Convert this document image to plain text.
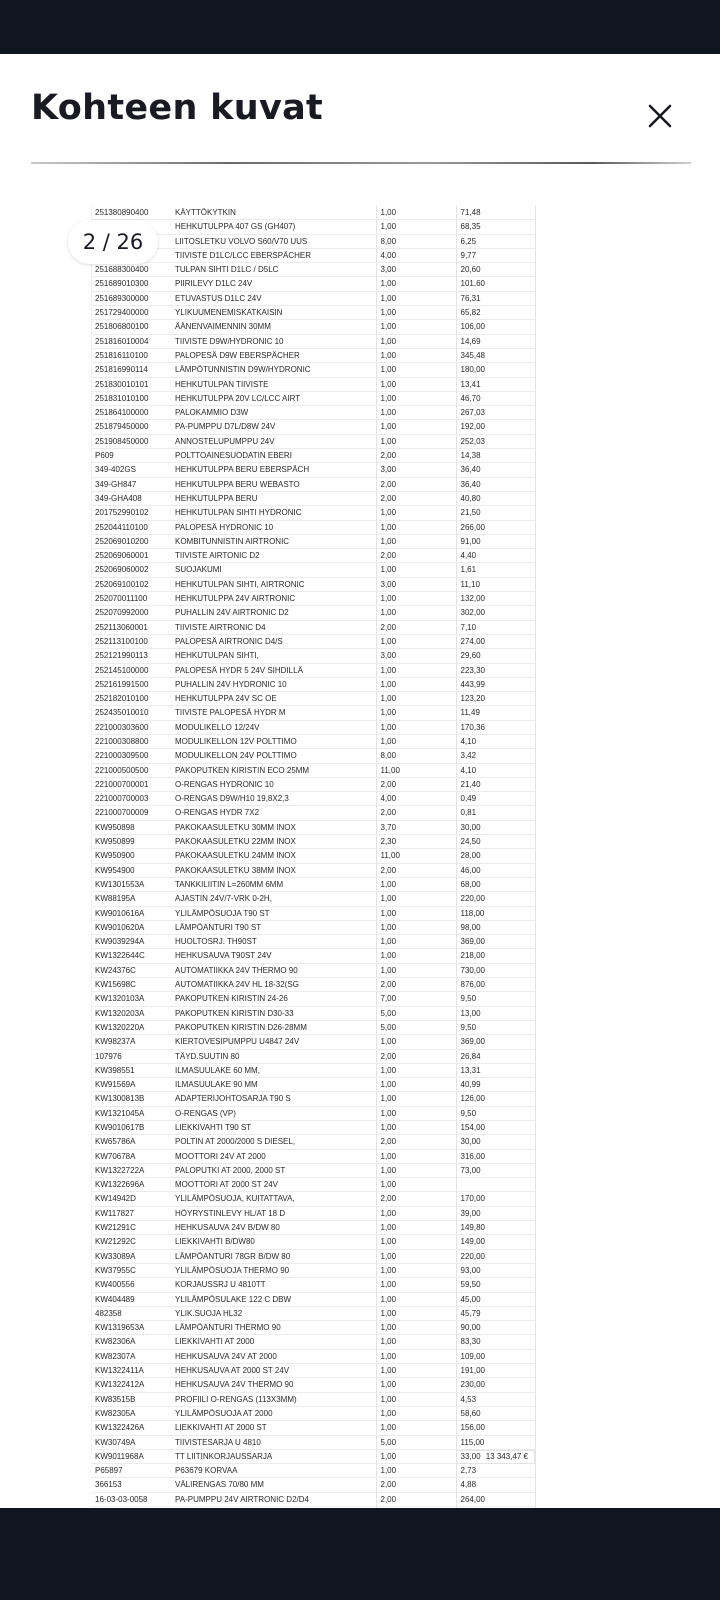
Kohteen kuvat
251380890400	KÄYTTÖKYTKIN	1,00	71,48
	HEHKUTULPPA 407 GS (GH407)	1,00	68,35
	LIITOSLETKU VOLVO S60/V70 UUS	8,00	6,25
	TIIVISTE D1LC/LCC EBERSPÄCHER	4,00	9,77
251688300400	TULPAN SIHTI D1LC / D5LC	3,00	20,60
251689010300	PIIRILEVY D1LC 24V	1,00	101,60
251689300000	ETUVASTUS D1LC 24V	1,00	76,31
251729400000	YLIKUUMENEMISKATKAISIN	1,00	65,82
251806800100	ÄÄNENVAIMENNIN 30MM	1,00	106,00
251816010004	TIIVISTE D9W/HYDRONIC 10	1,00	14,69
251816110100	PALOPESÄ D9W EBERSPÄCHER	1,00	345,48
251816990114	LÄMPÖTUNNISTIN D9W/HYDRONIC	1,00	180,00
251830010101	HEHKUTULPAN TIIVISTE	1,00	13,41
251831010100	HEHKUTULPPA 20V LC/LCC AIRT	1,00	46,70
251864100000	PALOKAMMIO D3W	1,00	267,03
251879450000	PA-PUMPPU D7L/D8W 24V	1,00	192,00
251908450000	ANNOSTELUPUMPPU 24V	1,00	252,03
P609	POLTTOAINESUODATIN EBERI	2,00	14,38
349-402GS	HEHKUTULPPA BERU EBERSPÄCH	3,00	36,40
349-GH847	HEHKUTULPPA BERU WEBASTO	2,00	36,40
349-GHA408	HEHKUTULPPA BERU	2,00	40,80
201752990102	HEHKUTULPAN SIHTI HYDRONIC	1,00	21,50
252044110100	PALOPESÄ HYDRONIC 10	1,00	266,00
252069010200	KOMBITUNNISTIN AIRTRONIC	1,00	91,00
252069060001	TIIVISTE AIRTONIC D2	2,00	4,40
252069060002	SUOJAKUMI	1,00	1,61
252069100102	HEHKUTULPAN SIHTI, AIRTRONIC	3,00	11,10
252070011100	HEHKUTULPPA 24V AIRTRONIC	1,00	132,00
252070992000	PUHALLIN 24V AIRTRONIC D2	1,00	302,00
252113060001	TIIVISTE AIRTRONIC D4	2,00	7,10
252113100100	PALOPESÄ AIRTRONIC D4/S	1,00	274,00
252121990113	HEHKUTULPAN SIHTI,	3,00	29,60
252145100000	PALOPESÄ HYDR 5 24V SIHDILLÄ	1,00	223,30
252161991500	PUHALLIN 24V HYDRONIC 10	1,00	443,99
252182010100	HEHKUTULPPA 24V SC OE	1,00	123,20
252435010010	TIIVISTE PALOPESÄ HYDR M	1,00	11,49
221000303600	MODULIKELLO 12/24V	1,00	170,36
221000308800	MODULIKELLON 12V POLTTIMO	1,00	4,10
221000309500	MODULIKELLON 24V POLTTIMO	8,00	3,42
221000500500	PAKOPUTKEN KIRISTIN ECO 25MM	11,00	4,10
221000700001	O-RENGAS HYDRONIC 10	2,00	21,40
221000700003	O-RENGAS D9W/H10 19,8X2,3	4,00	0,49
221000700009	O-RENGAS HYDR 7X2	2,00	0,81
KW950898	PAKOKAASULETKU 30MM INOX	3,70	30,00
KW950899	PAKOKAASULETKU 22MM INOX	2,30	24,50
KW950900	PAKOKAASULETKU 24MM INOX	11,00	28,00
KW954900	PAKOKAASULETKU 38MM INOX	2,00	46,00
KW1301553A	TANKKILIITIN L=260MM 6MM	1,00	68,00
KW88195A	AJASTIN 24V/7-VRK 0-2H,	1,00	220,00
KW9010616A	YLILÄMPÖSUOJA T90 ST	1,00	118,00
KW9010620A	LÄMPÖANTURI T90 ST	1,00	98,00
KW9039294A	HUOLTOSRJ. TH90ST	1,00	369,00
KW1322644C	HEHKUSAUVA T90ST 24V	1,00	218,00
KW24376C	AUTOMATIIKKA 24V THERMO 90	1,00	730,00
KW15698C	AUTOMATIIKKA 24V HL 18-32(SG	2,00	876,00
KW1320103A	PAKOPUTKEN KIRISTIN 24-26	7,00	9,50
KW1320203A	PAKOPUTKEN KIRISTIN D30-33	5,00	13,00
KW1320220A	PAKOPUTKEN KIRISTIN D26-28MM	5,00	9,50
KW98237A	KIERTOVESIPUMPPU U4847 24V	1,00	369,00
107976	TÄYD.SUUTIN 80	2,00	26,84
KW398551	ILMASUULAKE 60 MM,	1,00	13,31
KW91569A	ILMASUULAKE 90 MM	1,00	40,99
KW1300813B	ADAPTERIJOHTOSARJA T90 S	1,00	126,00
KW1321045A	O-RENGAS (VP)	1,00	9,50
KW9010617B	LIEKKIVAHTI T90 ST	1,00	154,00
KW65786A	POLTIN AT 2000/2000 S DIESEL,	2,00	30,00
KW70678A	MOOTTORI 24V AT 2000	1,00	316,00
KW1322722A	PALOPUTKI AT 2000, 2000 ST	1,00	73,00
KW1322696A	MOOTTORI AT 2000 ST 24V	1,00	
KW14942D	YLILÄMPÖSUOJA, KUITATTAVA,	2,00	170,00
KW117827	HÖYRYSTINLEVY HL/AT 18 D	1,00	39,00
KW21291C	HEHKUSAUVA 24V B/DW 80	1,00	149,80
KW21292C	LIEKKIVAHTI B/DW80	1,00	149,00
KW33089A	LÄMPÖANTURI 78GR B/DW 80	1,00	220,00
KW37955C	YLILÄMPÖSUOJA THERMO 90	1,00	93,00
KW400556	KORJAUSSRJ U 4810TT	1,00	59,50
KW404489	YLILÄMPÖSULAKE 122 C DBW	1,00	45,00
482358	YLIK.SUOJA HL32	1,00	45,79
KW1319653A	LÄMPÖANTURI THERMO 90	1,00	90,00
KW82306A	LIEKKIVAHTI AT 2000	1,00	83,30
KW82307A	HEHKUSAUVA 24V AT 2000	1,00	109,00
KW1322411A	HEHKUSAUVA AT 2000 ST 24V	1,00	191,00
KW1322412A	HEHKUSAUVA 24V THERMO 90	1,00	230,00
KW83515B	PROFIILI O-RENGAS (113X3MM)	1,00	4,53
KW82305A	YLILÄMPÖSUOJA AT 2000	1,00	58,60
KW1322426A	LIEKKIVAHTI AT 2000 ST	1,00	156,00
KW30749A	TIIVISTESARJA U 4810	5,00	115,00
KW9011968A	TT LIITINKORJAUSSARJA	1,00	33,00
P65897	P63679 KORVAA	1,00	2,73
366153	VÄLIRENGAS 70/80 MM	2,00	4,88
16-03-03-0058	PA-PUMPPU 24V AIRTRONIC D2/D4	2,00	264,00

13 343,47 €
2 / 26
